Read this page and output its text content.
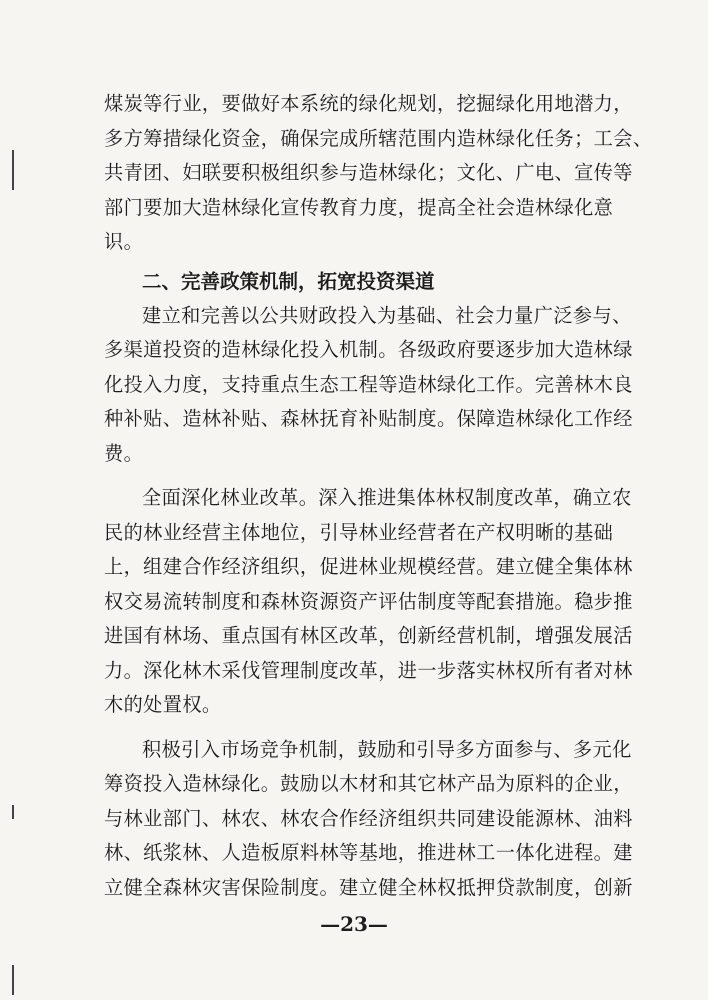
煤炭等行业，要做好本系统的绿化规划，挖掘绿化用地潜力，
多方筹措绿化资金，确保完成所辖范围内造林绿化任务；工会、
共青团、妇联要积极组织参与造林绿化；文化、广电、宣传等
部门要加大造林绿化宣传教育力度，提高全社会造林绿化意
识。
二、完善政策机制，拓宽投资渠道
建立和完善以公共财政投入为基础、社会力量广泛参与、
多渠道投资的造林绿化投入机制。各级政府要逐步加大造林绿
化投入力度，支持重点生态工程等造林绿化工作。完善林木良
种补贴、造林补贴、森林抚育补贴制度。保障造林绿化工作经
费。
全面深化林业改革。深入推进集体林权制度改革，确立农
民的林业经营主体地位，引导林业经营者在产权明晰的基础
上，组建合作经济组织，促进林业规模经营。建立健全集体林
权交易流转制度和森林资源资产评估制度等配套措施。稳步推
进国有林场、重点国有林区改革，创新经营机制，增强发展活
力。深化林木采伐管理制度改革，进一步落实林权所有者对林
木的处置权。
积极引入市场竞争机制，鼓励和引导多方面参与、多元化
筹资投入造林绿化。鼓励以木材和其它林产品为原料的企业，
与林业部门、林农、林农合作经济组织共同建设能源林、油料
林、纸浆林、人造板原料林等基地，推进林工一体化进程。建
立健全森林灾害保险制度。建立健全林权抵押贷款制度，创新
—23—
